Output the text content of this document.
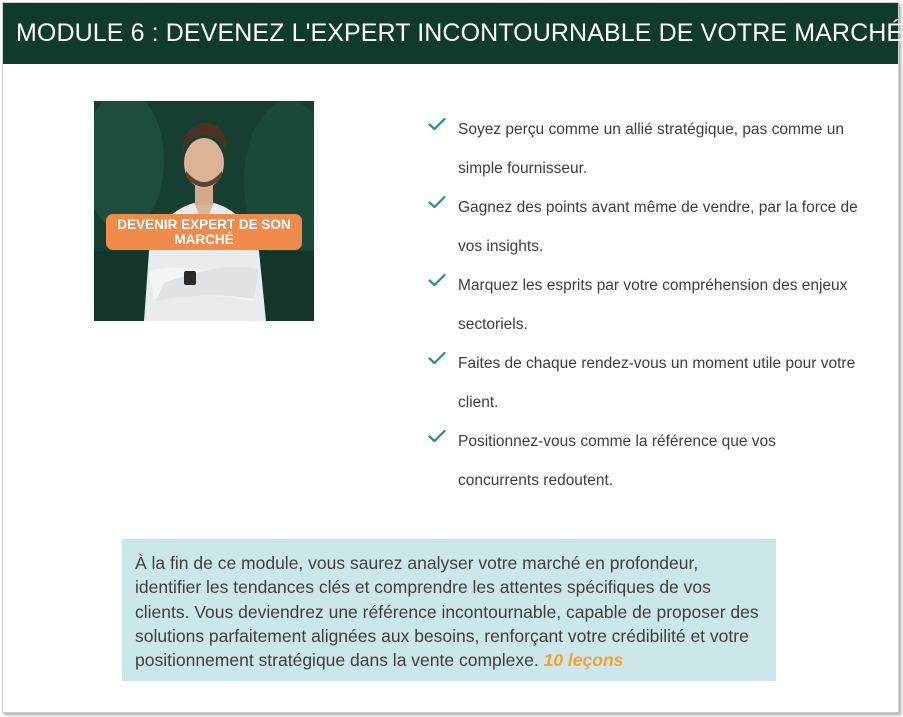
MODULE 6 : DEVENEZ L'EXPERT INCONTOURNABLE DE VOTRE MARCHÉ
DEVENIR EXPERT DE SON MARCHÉ
Soyez perçu comme un allié stratégique, pas comme un simple fournisseur.
Gagnez des points avant même de vendre, par la force de vos insights.
Marquez les esprits par votre compréhension des enjeux sectoriels.
Faites de chaque rendez-vous un moment utile pour votre client.
Positionnez-vous comme la référence que vos concurrents redoutent.
À la fin de ce module, vous saurez analyser votre marché en profondeur, identifier les tendances clés et comprendre les attentes spécifiques de vos clients. Vous deviendrez une référence incontournable, capable de proposer des solutions parfaitement alignées aux besoins, renforçant votre crédibilité et votre positionnement stratégique dans la vente complexe. 10 leçons
